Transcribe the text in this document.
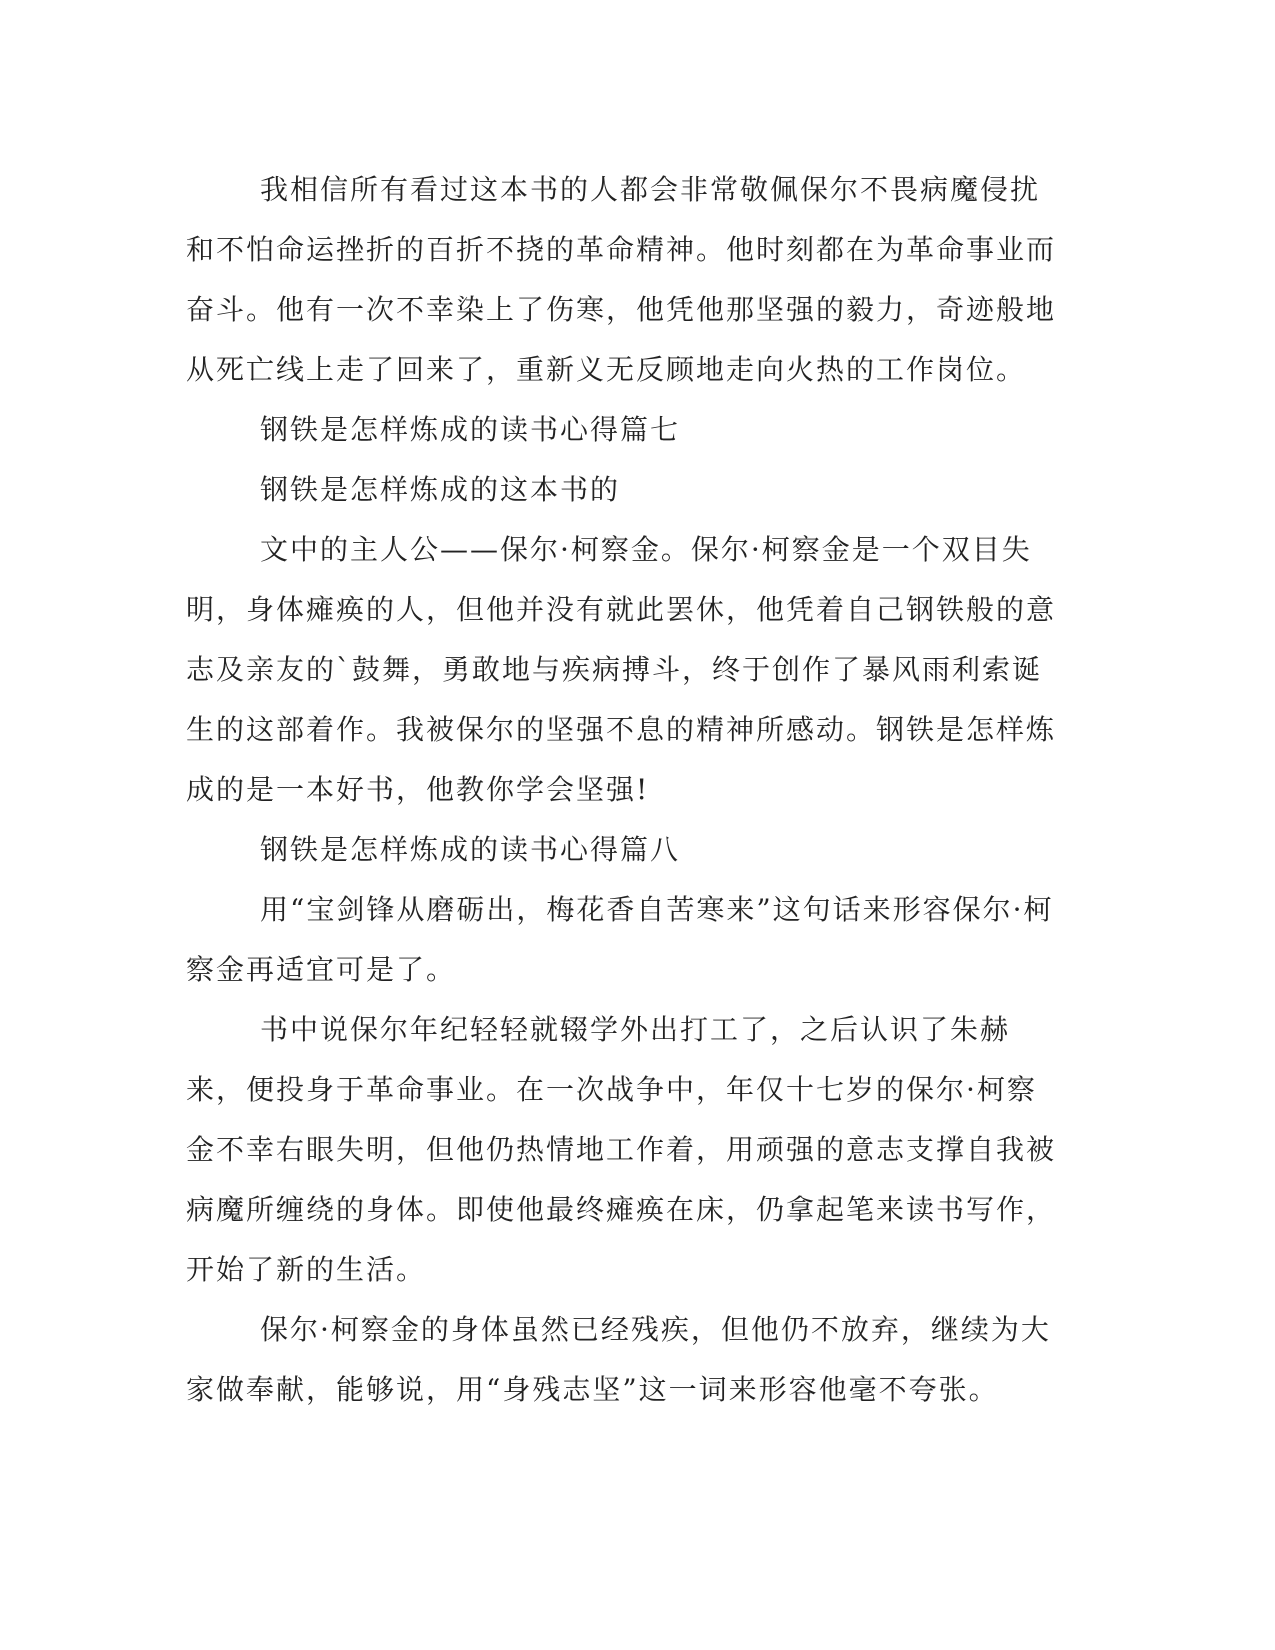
我相信所有看过这本书的人都会非常敬佩保尔不畏病魔侵扰和不怕命运挫折的百折不挠的革命精神。他时刻都在为革命事业而奋斗。他有一次不幸染上了伤寒，他凭他那坚强的毅力，奇迹般地从死亡线上走了回来了，重新义无反顾地走向火热的工作岗位。

钢铁是怎样炼成的读书心得篇七

钢铁是怎样炼成的这本书的

文中的主人公——保尔·柯察金。保尔·柯察金是一个双目失明，身体瘫痪的人，但他并没有就此罢休，他凭着自己钢铁般的意志及亲友的`鼓舞，勇敢地与疾病搏斗，终于创作了暴风雨利索诞生的这部着作。我被保尔的坚强不息的精神所感动。钢铁是怎样炼成的是一本好书，他教你学会坚强!

钢铁是怎样炼成的读书心得篇八

用“宝剑锋从磨砺出，梅花香自苦寒来”这句话来形容保尔·柯察金再适宜可是了。

书中说保尔年纪轻轻就辍学外出打工了，之后认识了朱赫来，便投身于革命事业。在一次战争中，年仅十七岁的保尔·柯察金不幸右眼失明，但他仍热情地工作着，用顽强的意志支撑自我被病魔所缠绕的身体。即使他最终瘫痪在床，仍拿起笔来读书写作，开始了新的生活。

保尔·柯察金的身体虽然已经残疾，但他仍不放弃，继续为大家做奉献，能够说，用“身残志坚”这一词来形容他毫不夸张。
